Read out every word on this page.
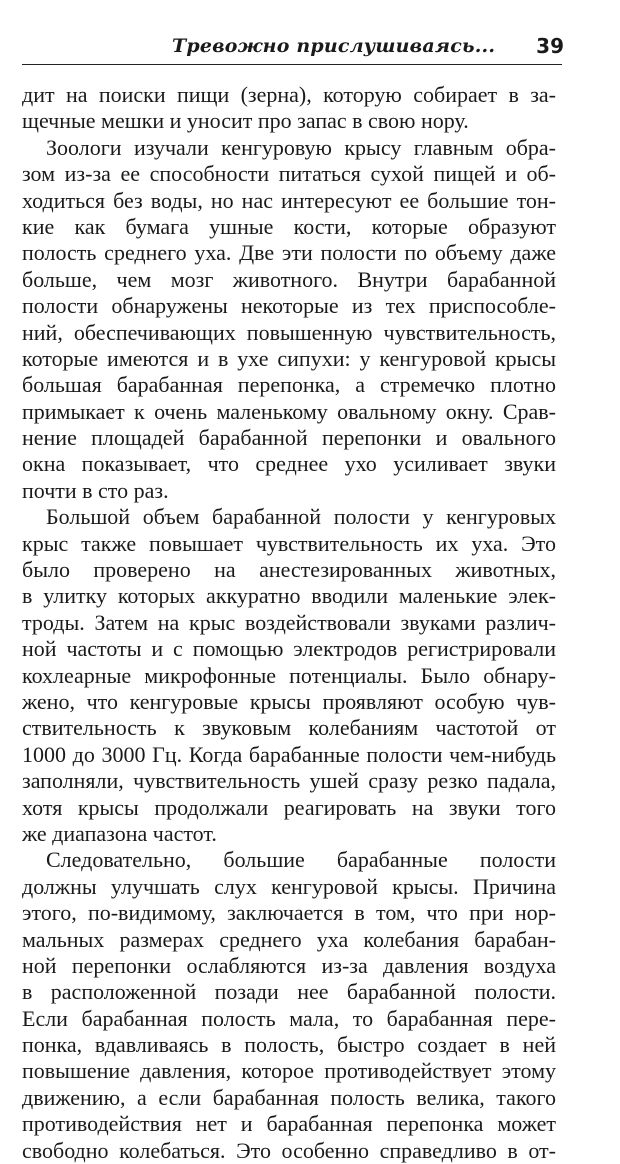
Тревожно прислушиваясь... 39
дит на поиски пищи (зерна), которую собирает в за-
щечные мешки и уносит про запас в свою нору.
Зоологи изучали кенгуровую крысу главным обра-
зом из-за ее способности питаться сухой пищей и об-
ходиться без воды, но нас интересуют ее большие тон-
кие как бумага ушные кости, которые образуют
полость среднего уха. Две эти полости по объему даже
больше, чем мозг животного. Внутри барабанной
полости обнаружены некоторые из тех приспособле-
ний, обеспечивающих повышенную чувствительность,
которые имеются и в ухе сипухи: у кенгуровой крысы
большая барабанная перепонка, а стремечко плотно
примыкает к очень маленькому овальному окну. Срав-
нение площадей барабанной перепонки и овального
окна показывает, что среднее ухо усиливает звуки
почти в сто раз.
Большой объем барабанной полости у кенгуровых
крыс также повышает чувствительность их уха. Это
было проверено на анестезированных животных,
в улитку которых аккуратно вводили маленькие элек-
троды. Затем на крыс воздействовали звуками различ-
ной частоты и с помощью электродов регистрировали
кохлеарные микрофонные потенциалы. Было обнару-
жено, что кенгуровые крысы проявляют особую чув-
ствительность к звуковым колебаниям частотой от
1000 до 3000 Гц. Когда барабанные полости чем-нибудь
заполняли, чувствительность ушей сразу резко падала,
хотя крысы продолжали реагировать на звуки того
же диапазона частот.
Следовательно, большие барабанные полости
должны улучшать слух кенгуровой крысы. Причина
этого, по-видимому, заключается в том, что при нор-
мальных размерах среднего уха колебания барабан-
ной перепонки ослабляются из-за давления воздуха
в расположенной позади нее барабанной полости.
Если барабанная полость мала, то барабанная пере-
понка, вдавливаясь в полость, быстро создает в ней
повышение давления, которое противодействует этому
движению, а если барабанная полость велика, такого
противодействия нет и барабанная перепонка может
свободно колебаться. Это особенно справедливо в от-
